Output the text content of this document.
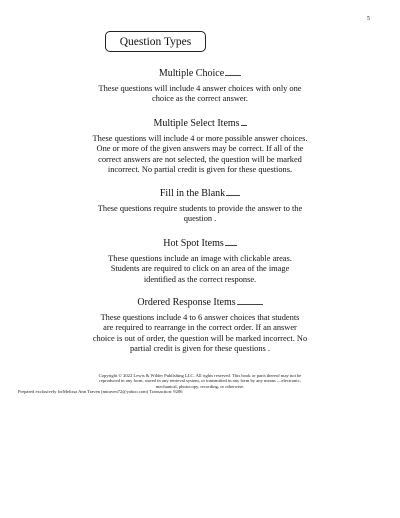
5
Question Types
Multiple Choice
These questions will include 4 answer choices with only one
choice as the correct answer.
Multiple Select Items
These questions will include 4 or more possible answer choices.
One or more of the given answers may be correct. If all of the
correct answers are not selected, the question will be marked
incorrect. No partial credit is given for these questions.
Fill in the Blank
These questions require students to provide the answer to the
question .
Hot Spot Items
These questions include an image with clickable areas.
Students are required to click on an area of the image
identified as the correct response.
Ordered Response Items
These questions include 4 to 6 answer choices that students
are required to rearrange in the correct order. If an answer
choice is out of order, the question will be marked incorrect. No
partial credit is given for these questions .
Copyright © 2022 Lewis & Wilder Publishing LLC. All rights reserved. This book or parts thereof may not be
reproduced in any form, stored in any retrieval system, or transmitted in any form by any means —electronic,
mechanical, photocopy, recording, or otherwise.
Prepared exclusively forMelissa Ann Traven (mtraven72@yahoo.com) Transaction: 9206
